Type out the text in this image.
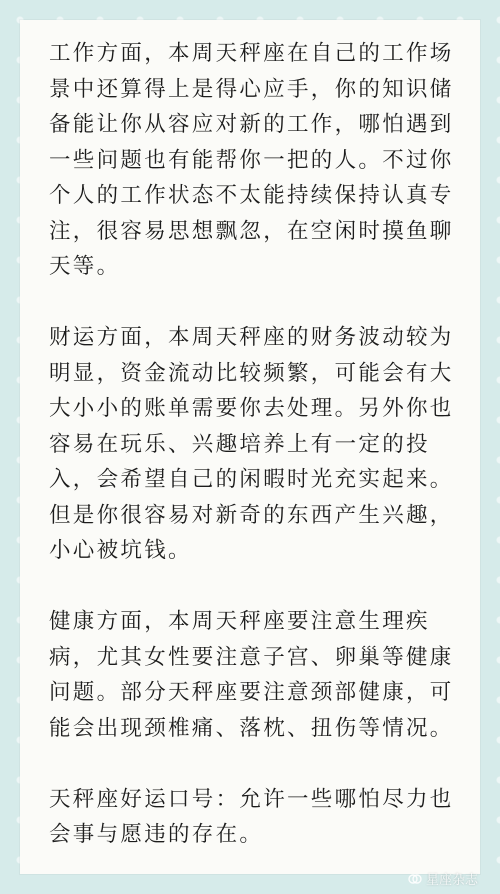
工作方面，本周天秤座在自己的工作场景中还算得上是得心应手，你的知识储备能让你从容应对新的工作，哪怕遇到一些问题也有能帮你一把的人。不过你个人的工作状态不太能持续保持认真专注，很容易思想飘忽，在空闲时摸鱼聊天等。

财运方面，本周天秤座的财务波动较为明显，资金流动比较频繁，可能会有大大小小的账单需要你去处理。另外你也容易在玩乐、兴趣培养上有一定的投入，会希望自己的闲暇时光充实起来。但是你很容易对新奇的东西产生兴趣，小心被坑钱。

健康方面，本周天秤座要注意生理疾病，尤其女性要注意子宫、卵巢等健康问题。部分天秤座要注意颈部健康，可能会出现颈椎痛、落枕、扭伤等情况。

天秤座好运口号：允许一些哪怕尽力也会事与愿违的存在。

星座杂志
